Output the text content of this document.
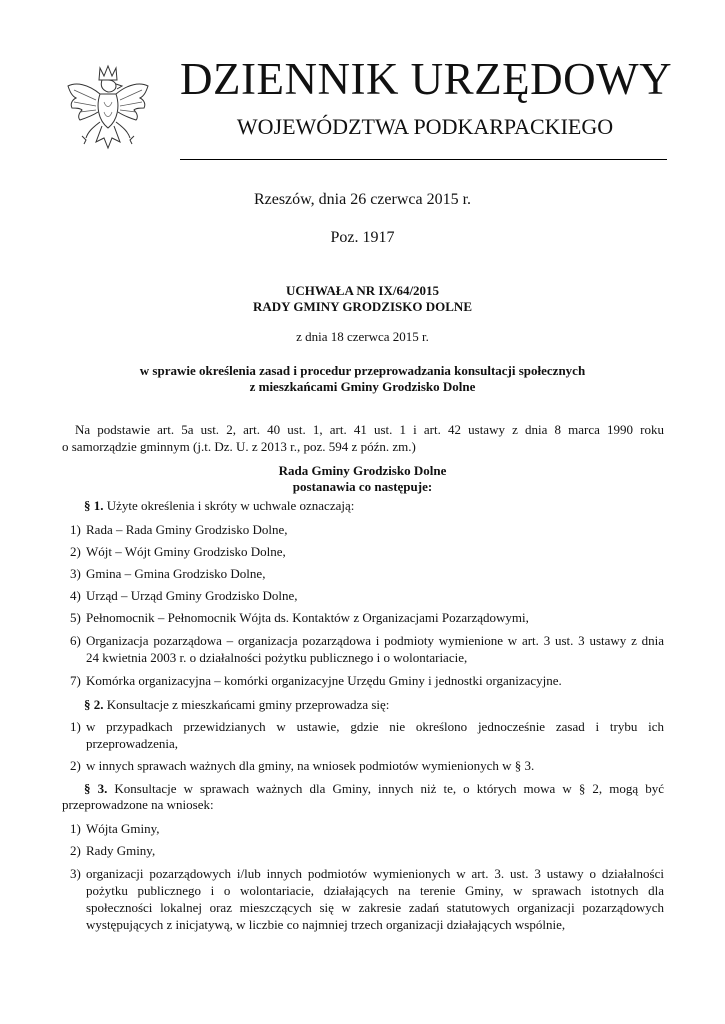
DZIENNIK URZĘDOWY
WOJEWÓDZTWA PODKARPACKIEGO
Rzeszów, dnia 26 czerwca 2015 r.
Poz. 1917
UCHWAŁA NR IX/64/2015
RADY GMINY GRODZISKO DOLNE
z dnia 18 czerwca 2015 r.
w sprawie określenia zasad i procedur przeprowadzania konsultacji społecznych
z mieszkańcami Gminy Grodzisko Dolne
Na podstawie art. 5a ust. 2, art. 40 ust. 1, art. 41 ust. 1 i art. 42 ustawy z dnia 8 marca 1990 roku
o samorządzie gminnym (j.t. Dz. U. z 2013 r., poz. 594 z późn. zm.)
Rada Gminy Grodzisko Dolne
postanawia co następuje:
§ 1. Użyte określenia i skróty w uchwale oznaczają:
1) Rada – Rada Gminy Grodzisko Dolne,
2) Wójt – Wójt Gminy Grodzisko Dolne,
3) Gmina – Gmina Grodzisko Dolne,
4) Urząd – Urząd Gminy Grodzisko Dolne,
5) Pełnomocnik – Pełnomocnik Wójta ds. Kontaktów z Organizacjami Pozarządowymi,
6) Organizacja pozarządowa – organizacja pozarządowa i podmioty wymienione w art. 3 ust. 3 ustawy z dnia
24 kwietnia 2003 r. o działalności pożytku publicznego i o wolontariacie,
7) Komórka organizacyjna – komórki organizacyjne Urzędu Gminy i jednostki organizacyjne.
§ 2. Konsultacje z mieszkańcami gminy przeprowadza się:
1) w przypadkach przewidzianych w ustawie, gdzie nie określono jednocześnie zasad i trybu ich
przeprowadzenia,
2) w innych sprawach ważnych dla gminy, na wniosek podmiotów wymienionych w § 3.
§ 3. Konsultacje w sprawach ważnych dla Gminy, innych niż te, o których mowa w § 2, mogą być
przeprowadzone na wniosek:
1) Wójta Gminy,
2) Rady Gminy,
3) organizacji pozarządowych i/lub innych podmiotów wymienionych w art. 3. ust. 3 ustawy o działalności
pożytku publicznego i o wolontariacie, działających na terenie Gminy, w sprawach istotnych dla
społeczności lokalnej oraz mieszczących się w zakresie zadań statutowych organizacji pozarządowych
występujących z inicjatywą, w liczbie co najmniej trzech organizacji działających wspólnie,
